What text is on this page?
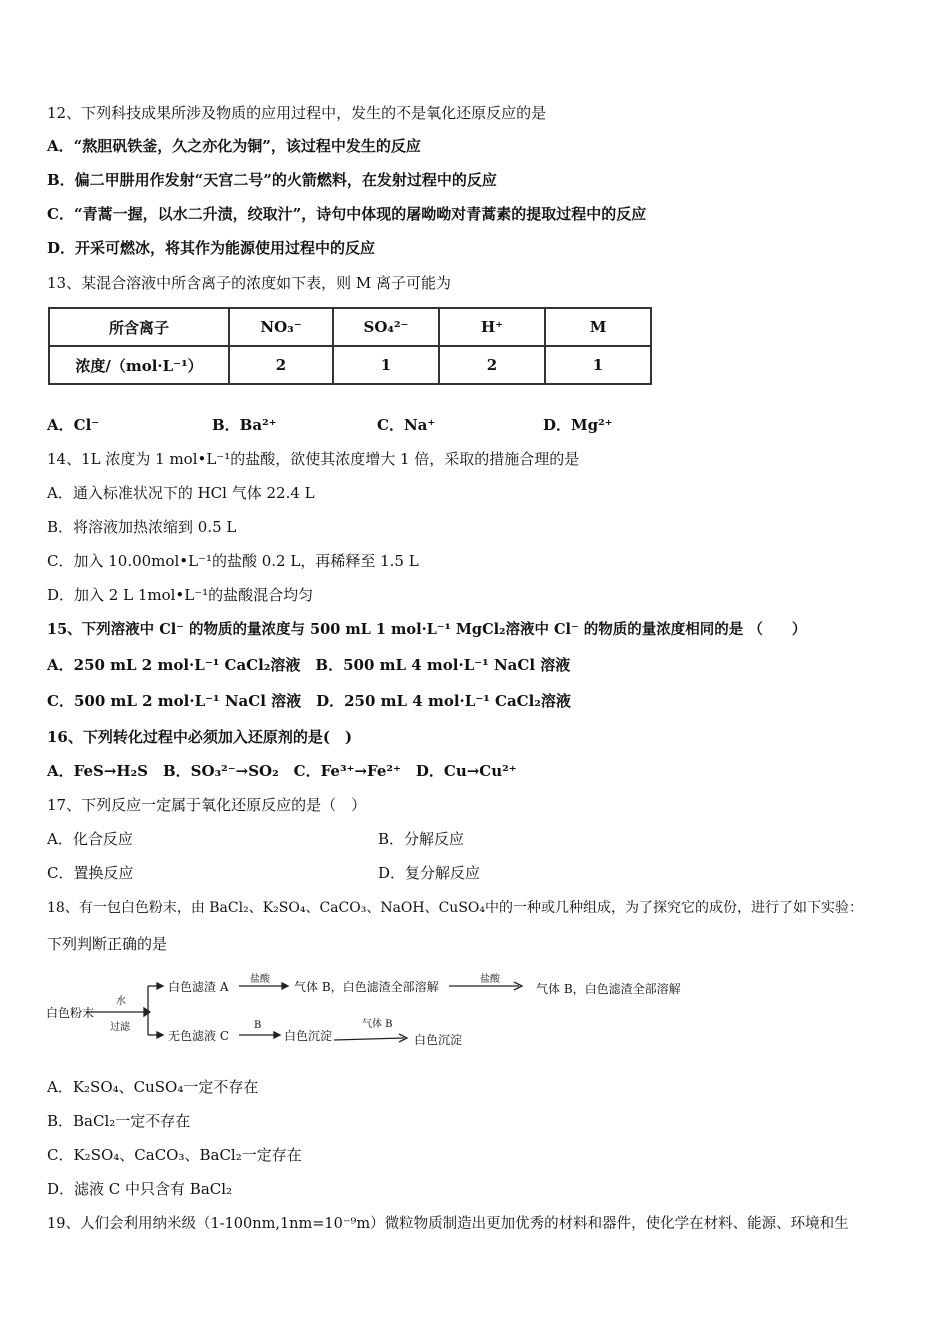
12、下列科技成果所涉及物质的应用过程中，发生的不是氧化还原反应的是
A．“熬胆矾铁釜，久之亦化为铜”，该过程中发生的反应
B．偏二甲肼用作发射“天宫二号”的火箭燃料，在发射过程中的反应
C．“青蒿一握，以水二升渍，绞取汁”，诗句中体现的屠呦呦对青蒿素的提取过程中的反应
D．开采可燃冰，将其作为能源使用过程中的反应
13、某混合溶液中所含离子的浓度如下表，则 M 离子可能为
所含离子	NO₃⁻	SO₄²⁻	H⁺	M
浓度/（mol·L⁻¹）	2	1	2	1
A．Cl⁻	B．Ba²⁺	C．Na⁺	D．Mg²⁺
14、1L 浓度为 1 mol•L⁻¹的盐酸，欲使其浓度增大 1 倍，采取的措施合理的是
A．通入标准状况下的 HCl 气体 22.4 L
B．将溶液加热浓缩到 0.5 L
C．加入 10.00mol•L⁻¹的盐酸 0.2 L，再稀释至 1.5 L
D．加入 2 L 1mol•L⁻¹的盐酸混合均匀
15、下列溶液中 Cl⁻ 的物质的量浓度与 500 mL 1 mol·L⁻¹ MgCl₂溶液中 Cl⁻ 的物质的量浓度相同的是 （　　）
A．250 mL 2 mol·L⁻¹ CaCl₂溶液　B．500 mL 4 mol·L⁻¹ NaCl 溶液
C．500 mL 2 mol·L⁻¹ NaCl 溶液　D．250 mL 4 mol·L⁻¹ CaCl₂溶液
16、下列转化过程中必须加入还原剂的是(　)
A．FeS→H₂S　B．SO₃²⁻→SO₂　C．Fe³⁺→Fe²⁺　D．Cu→Cu²⁺
17、下列反应一定属于氧化还原反应的是（　）
A．化合反应	B．分解反应
C．置换反应	D．复分解反应
18、有一包白色粉末，由 BaCl₂、K₂SO₄、CaCO₃、NaOH、CuSO₄中的一种或几种组成，为了探究它的成份，进行了如下实验：
下列判断正确的是
白色粉末
水
过滤
白色滤渣 A
盐酸
气体 B，白色滤渣全部溶解
盐酸
气体 B，白色滤渣全部溶解
无色滤液 C
B
白色沉淀
气体 B
白色沉淀
A．K₂SO₄、CuSO₄一定不存在
B．BaCl₂一定不存在
C．K₂SO₄、CaCO₃、BaCl₂一定存在
D．滤液 C 中只含有 BaCl₂
19、人们会利用纳米级（1-100nm,1nm=10⁻⁹m）微粒物质制造出更加优秀的材料和器件，使化学在材料、能源、环境和生
